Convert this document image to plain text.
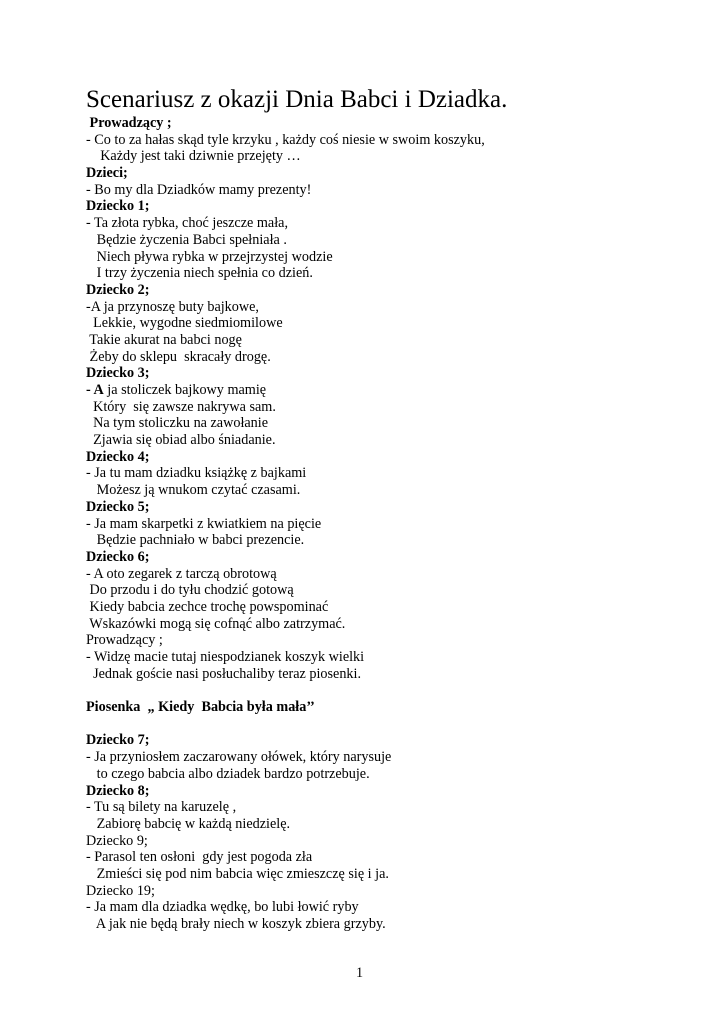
Scenariusz z okazji Dnia Babci i Dziadka.
Prowadzący ;
- Co to za hałas skąd tyle krzyku , każdy coś niesie w swoim koszyku,
Każdy jest taki dziwnie przejęty …
Dzieci;
- Bo my dla Dziadków mamy prezenty!
Dziecko 1;
- Ta złota rybka, choć jeszcze mała,
Będzie życzenia Babci spełniała .
Niech pływa rybka w przejrzystej wodzie
I trzy życzenia niech spełnia co dzień.
Dziecko 2;
-A ja przynoszę buty bajkowe,
Lekkie, wygodne siedmiomilowe
Takie akurat na babci nogę
Żeby do sklepu  skracały drogę.
Dziecko 3;
- A ja stoliczek bajkowy mamię
Który  się zawsze nakrywa sam.
Na tym stoliczku na zawołanie
Zjawia się obiad albo śniadanie.
Dziecko 4;
- Ja tu mam dziadku książkę z bajkami
Możesz ją wnukom czytać czasami.
Dziecko 5;
- Ja mam skarpetki z kwiatkiem na pięcie
Będzie pachniało w babci prezencie.
Dziecko 6;
- A oto zegarek z tarczą obrotową
Do przodu i do tyłu chodzić gotową
Kiedy babcia zechce trochę powspominać
Wskazówki mogą się cofnąć albo zatrzymać.
Prowadzący ;
- Widzę macie tutaj niespodzianek koszyk wielki
Jednak goście nasi posłuchaliby teraz piosenki.
Piosenka  „ Kiedy  Babcia była mała’’
Dziecko 7;
- Ja przyniosłem zaczarowany ołówek, który narysuje
to czego babcia albo dziadek bardzo potrzebuje.
Dziecko 8;
- Tu są bilety na karuzelę ,
Zabiorę babcię w każdą niedzielę.
Dziecko 9;
- Parasol ten osłoni  gdy jest pogoda zła
Zmieści się pod nim babcia więc zmieszczę się i ja.
Dziecko 19;
- Ja mam dla dziadka wędkę, bo lubi łowić ryby
A jak nie będą brały niech w koszyk zbiera grzyby.
1
